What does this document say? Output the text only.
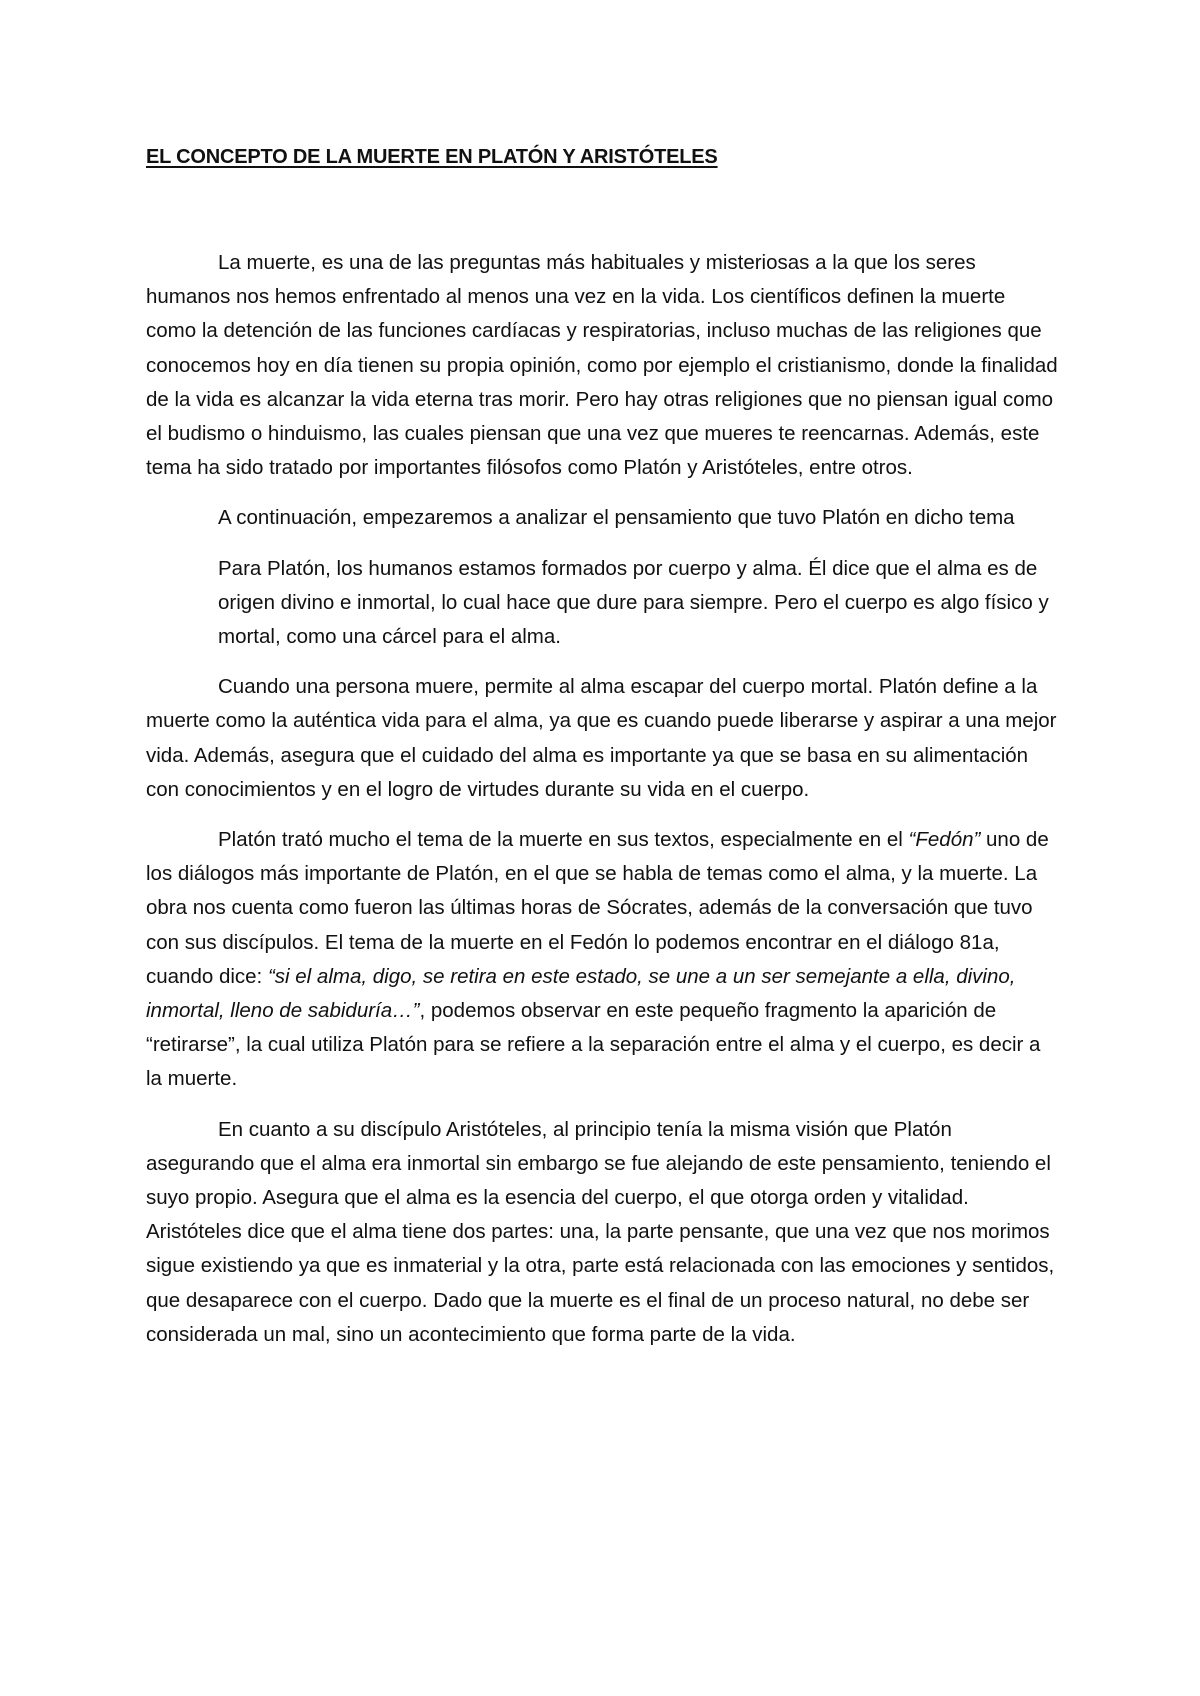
EL CONCEPTO DE LA MUERTE EN PLATÓN Y ARISTÓTELES

La muerte, es una de las preguntas más habituales y misteriosas a la que los seres humanos nos hemos enfrentado al menos una vez en la vida. Los científicos definen la muerte como la detención de las funciones cardíacas y respiratorias, incluso muchas de las religiones que conocemos hoy en día tienen su propia opinión, como por ejemplo el cristianismo, donde la finalidad de la vida es alcanzar la vida eterna tras morir. Pero hay otras religiones que no piensan igual como el budismo o hinduismo, las cuales piensan que una vez que mueres te reencarnas. Además, este tema ha sido tratado por importantes filósofos como Platón y Aristóteles, entre otros.

A continuación, empezaremos a analizar el pensamiento que tuvo Platón en dicho tema

Para Platón, los humanos estamos formados por cuerpo y alma. Él dice que el alma es de origen divino e inmortal, lo cual hace que dure para siempre. Pero el cuerpo es algo físico y mortal, como una cárcel para el alma.

Cuando una persona muere, permite al alma escapar del cuerpo mortal. Platón define a la muerte como la auténtica vida para el alma, ya que es cuando puede liberarse y aspirar a una mejor vida. Además, asegura que el cuidado del alma es importante ya que se basa en su alimentación con conocimientos y en el logro de virtudes durante su vida en el cuerpo.

Platón trató mucho el tema de la muerte en sus textos, especialmente en el “Fedón” uno de los diálogos más importante de Platón, en el que se habla de temas como el alma, y la muerte. La obra nos cuenta como fueron las últimas horas de Sócrates, además de la conversación que tuvo con sus discípulos. El tema de la muerte en el Fedón lo podemos encontrar en el diálogo 81a, cuando dice: “si el alma, digo, se retira en este estado, se une a un ser semejante a ella, divino, inmortal, lleno de sabiduría…”, podemos observar en este pequeño fragmento la aparición de “retirarse”, la cual utiliza Platón para se refiere a la separación entre el alma y el cuerpo, es decir a la muerte.

En cuanto a su discípulo Aristóteles, al principio tenía la misma visión que Platón asegurando que el alma era inmortal sin embargo se fue alejando de este pensamiento, teniendo el suyo propio. Asegura que el alma es la esencia del cuerpo, el que otorga orden y vitalidad. Aristóteles dice que el alma tiene dos partes: una, la parte pensante, que una vez que nos morimos sigue existiendo ya que es inmaterial y la otra, parte está relacionada con las emociones y sentidos, que desaparece con el cuerpo. Dado que la muerte es el final de un proceso natural, no debe ser considerada un mal, sino un acontecimiento que forma parte de la vida.
